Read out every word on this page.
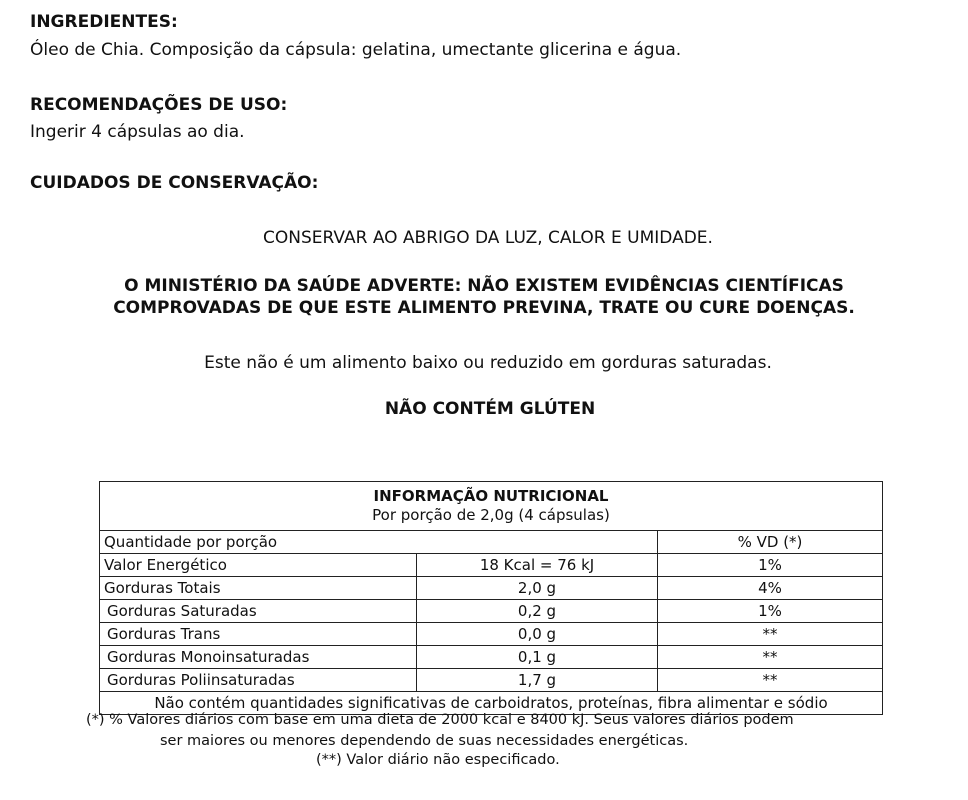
INGREDIENTES:
Óleo de Chia. Composição da cápsula: gelatina, umectante glicerina e água.
RECOMENDAÇÕES DE USO:
Ingerir 4 cápsulas ao dia.
CUIDADOS DE CONSERVAÇÃO:
CONSERVAR AO ABRIGO DA LUZ, CALOR E UMIDADE.
O MINISTÉRIO DA SAÚDE ADVERTE: NÃO EXISTEM EVIDÊNCIAS CIENTÍFICAS
COMPROVADAS DE QUE ESTE ALIMENTO PREVINA, TRATE OU CURE DOENÇAS.
Este não é um alimento baixo ou reduzido em gorduras saturadas.
NÃO CONTÉM GLÚTEN
INFORMAÇÃO NUTRICIONAL
Por porção de 2,0g (4 cápsulas)		

Quantidade por porção		% VD (*)
Valor Energético	18 Kcal = 76 kJ	1%
Gorduras Totais	2,0 g	4%
Gorduras Saturadas	0,2 g	1%
Gorduras Trans	0,0 g	**
Gorduras Monoinsaturadas	0,1 g	**
Gorduras Poliinsaturadas	1,7 g	**
Não contém quantidades significativas de carboidratos, proteínas, fibra alimentar e sódio		
(*) % Valores diários com base em uma dieta de 2000 kcal e 8400 kJ. Seus valores diários podem
ser maiores ou menores dependendo de suas necessidades energéticas.
(**) Valor diário não especificado.
